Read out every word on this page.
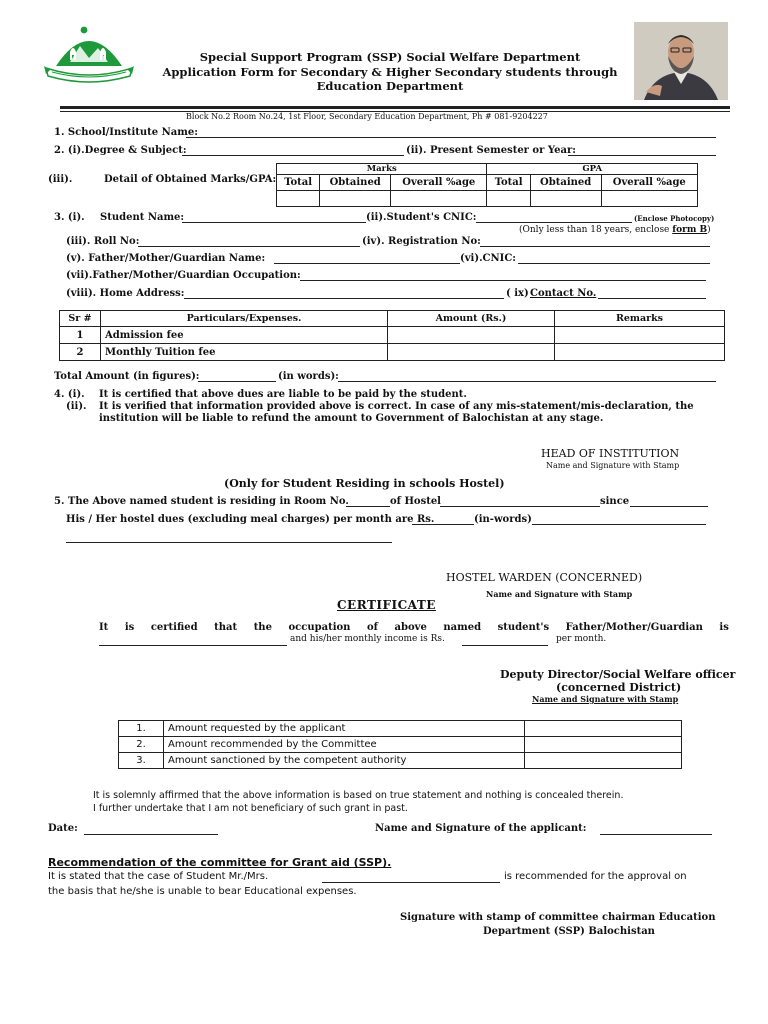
Special Support Program (SSP) Social Welfare Department
Application Form for Secondary & Higher Secondary students through
Education Department
Block No.2 Room No.24, 1st Floor, Secondary Education Department, Ph # 081-9204227
1. School/Institute Name:
2. (i).Degree & Subject:	(ii). Present Semester or Year:
(iii).	Detail of Obtained Marks/GPA:
Marks			GPA		
Total	Obtained	Overall %age	Total	Obtained	Overall %age

3. (i). Student Name:	(ii).Student's CNIC:	(Enclose Photocopy)
(Only less than 18 years, enclose form B)
(iii). Roll No:	(iv). Registration No:
(v). Father/Mother/Guardian Name:	(vi).CNIC:
(vii).Father/Mother/Guardian Occupation:
(viii). Home Address:	( ix) Contact No.
Sr #	Particulars/Expenses.	Amount (Rs.)	Remarks
1	Admission fee		
2	Monthly Tuition fee		
Total Amount (in figures):	(in words):
4. (i). It is certified that above dues are liable to be paid by the student.
(ii). It is verified that information provided above is correct. In case of any mis-statement/mis-declaration, the
institution will be liable to refund the amount to Government of Balochistan at any stage.
HEAD OF INSTITUTION
Name and Signature with Stamp
(Only for Student Residing in schools Hostel)
5. The Above named student is residing in Room No.	of Hostel	since
His / Her hostel dues (excluding meal charges) per month are Rs.	(in-words)
HOSTEL WARDEN (CONCERNED)
Name and Signature with Stamp
CERTIFICATE
It is certified that the occupation of above named student's Father/Mother/Guardian is
and his/her monthly income is Rs.	per month.
Deputy Director/Social Welfare officer
(concerned District)
Name and Signature with Stamp
1.	Amount requested by the applicant	
2.	Amount recommended by the Committee	
3.	Amount sanctioned by the competent authority	
It is solemnly affirmed that the above information is based on true statement and nothing is concealed therein.
I further undertake that I am not beneficiary of such grant in past.
Date:	Name and Signature of the applicant:
Recommendation of the committee for Grant aid (SSP).
It is stated that the case of Student Mr./Mrs.	is recommended for the approval on
the basis that he/she is unable to bear Educational expenses.
Signature with stamp of committee chairman Education
Department (SSP) Balochistan
